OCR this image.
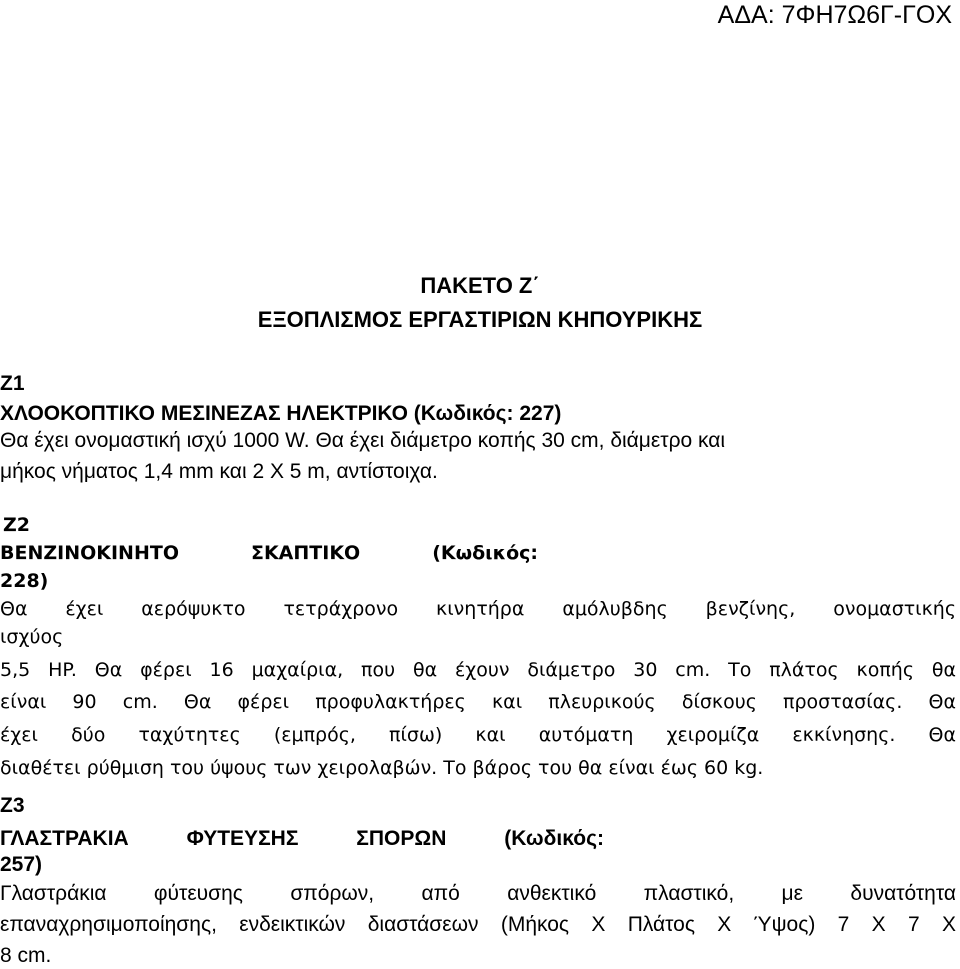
ΑΔΑ: 7ΦΗ7Ω6Γ-ΓΟΧ
ΠΑΚΕΤΟ Ζ΄
ΕΞΟΠΛΙΣΜΟΣ ΕΡΓΑΣΤΙΡΙΩΝ ΚΗΠΟΥΡΙΚΗΣ
Ζ1
ΧΛΟΟΚΟΠΤΙΚΟ ΜΕΣΙΝΕΖΑΣ ΗΛΕΚΤΡΙΚΟ (Κωδικός: 227)
Θα έχει ονομαστική ισχύ 1000 W. Θα έχει διάμετρο κοπής 30 cm, διάμετρο και
μήκος νήματος 1,4 mm και 2 Χ 5 m, αντίστοιχα.
Ζ2
ΒΕΝΖΙΝΟΚΙΝΗΤΟ ΣΚΑΠΤΙΚΟ (Κωδικός:
228)
Θα έχει αερόψυκτο τετράχρονο κινητήρα αμόλυβδης βενζίνης, ονομαστικής
ισχύος
5,5 HP. Θα φέρει 16 μαχαίρια, που θα έχουν διάμετρο 30 cm. Το πλάτος κοπής θα
είναι 90 cm. Θα φέρει προφυλακτήρες και πλευρικούς δίσκους προστασίας. Θα
έχει δύο ταχύτητες (εμπρός, πίσω) και αυτόματη χειρομίζα εκκίνησης. Θα
διαθέτει ρύθμιση του ύψους των χειρολαβών. Το βάρος του θα είναι έως 60 kg.
Ζ3
ΓΛΑΣΤΡΑΚΙΑ ΦΥΤΕΥΣΗΣ ΣΠΟΡΩΝ (Κωδικός:
257)
Γλαστράκια φύτευσης σπόρων, από ανθεκτικό πλαστικό, με δυνατότητα
επαναχρησιμοποίησης, ενδεικτικών διαστάσεων (Μήκος Χ Πλάτος Χ Ύψος) 7 Χ 7 Χ
8 cm.
